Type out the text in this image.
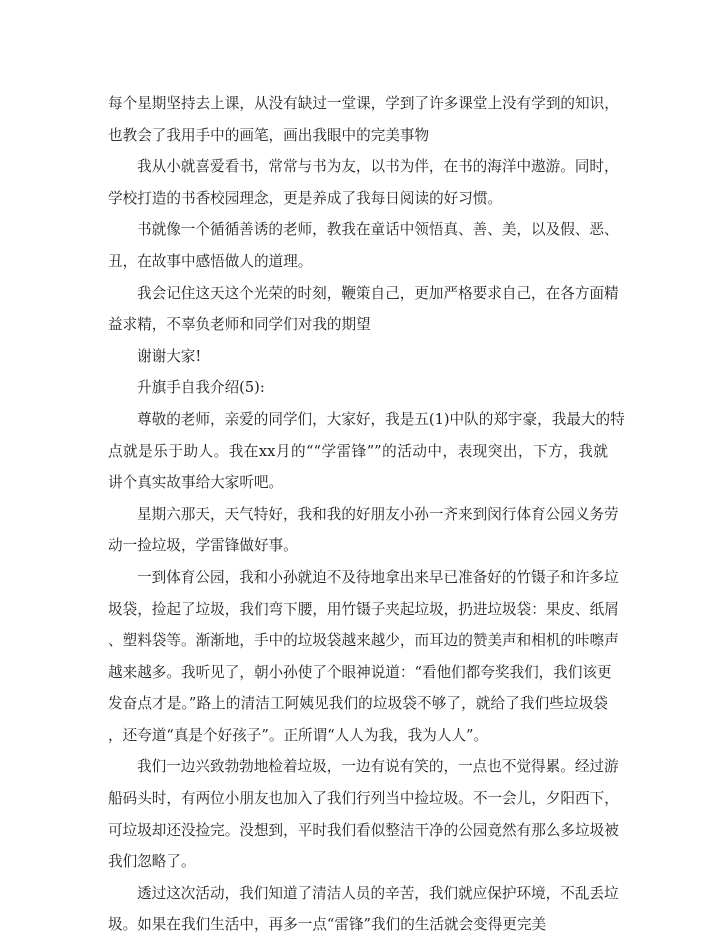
每个星期坚持去上课，从没有缺过一堂课，学到了许多课堂上没有学到的知识，
也教会了我用手中的画笔，画出我眼中的完美事物
我从小就喜爱看书，常常与书为友，以书为伴，在书的海洋中遨游。同时，
学校打造的书香校园理念，更是养成了我每日阅读的好习惯。
书就像一个循循善诱的老师，教我在童话中领悟真、善、美，以及假、恶、
丑，在故事中感悟做人的道理。
我会记住这天这个光荣的时刻，鞭策自己，更加严格要求自己，在各方面精
益求精，不辜负老师和同学们对我的期望
谢谢大家!
升旗手自我介绍(5):
尊敬的老师，亲爱的同学们，大家好，我是五(1)中队的郑宇豪，我最大的特
点就是乐于助人。我在xx月的““学雷锋””的活动中，表现突出，下方，我就
讲个真实故事给大家听吧。
星期六那天，天气特好，我和我的好朋友小孙一齐来到闵行体育公园义务劳
动一捡垃圾，学雷锋做好事。
一到体育公园，我和小孙就迫不及待地拿出来早已准备好的竹镊子和许多垃
圾袋，捡起了垃圾，我们弯下腰，用竹镊子夹起垃圾，扔进垃圾袋：果皮、纸屑
、塑料袋等。渐渐地，手中的垃圾袋越来越少，而耳边的赞美声和相机的咔嚓声
越来越多。我听见了，朝小孙使了个眼神说道：“看他们都夸奖我们，我们该更
发奋点才是。”路上的清洁工阿姨见我们的垃圾袋不够了，就给了我们些垃圾袋
，还夸道“真是个好孩子”。正所谓“人人为我，我为人人”。
我们一边兴致勃勃地检着垃圾，一边有说有笑的，一点也不觉得累。经过游
船码头时，有两位小朋友也加入了我们行列当中捡垃圾。不一会儿，夕阳西下，
可垃圾却还没捡完。没想到，平时我们看似整洁干净的公园竟然有那么多垃圾被
我们忽略了。
透过这次活动，我们知道了清洁人员的辛苦，我们就应保护环境，不乱丢垃
圾。如果在我们生活中，再多一点“雷锋”我们的生活就会变得更完美
